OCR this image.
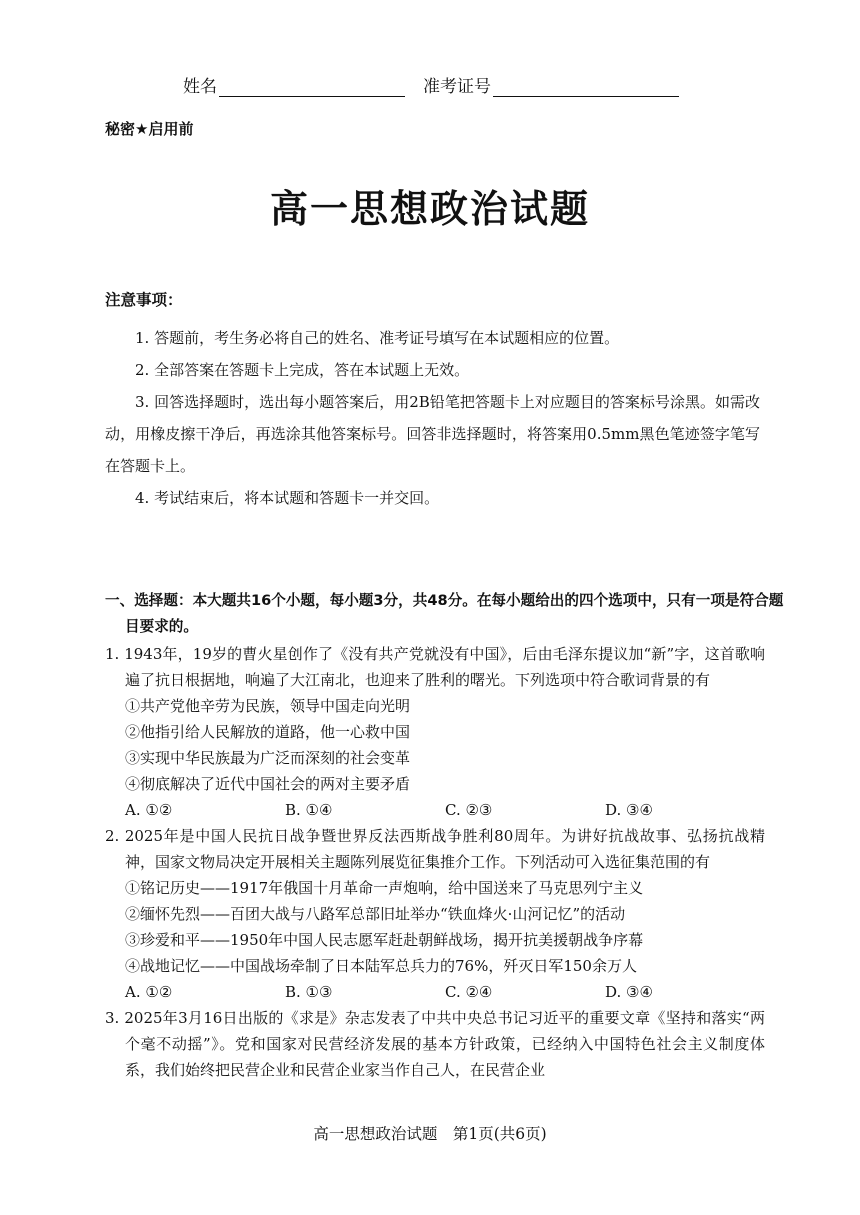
姓名	准考证号
秘密★启用前
高一思想政治试题
注意事项：
1. 答题前，考生务必将自己的姓名、准考证号填写在本试题相应的位置。
2. 全部答案在答题卡上完成，答在本试题上无效。
3. 回答选择题时，选出每小题答案后，用2B铅笔把答题卡上对应题目的答案标号涂黑。如需改动，用橡皮擦干净后，再选涂其他答案标号。回答非选择题时，将答案用0.5mm黑色笔迹签字笔写在答题卡上。
4. 考试结束后，将本试题和答题卡一并交回。
一、选择题：本大题共16个小题，每小题3分，共48分。在每小题给出的四个选项中，只有一项是符合题目要求的。
1. 1943年，19岁的曹火星创作了《没有共产党就没有中国》，后由毛泽东提议加“新”字，这首歌响遍了抗日根据地，响遍了大江南北，也迎来了胜利的曙光。下列选项中符合歌词背景的有
①共产党他辛劳为民族，领导中国走向光明
②他指引给人民解放的道路，他一心救中国
③实现中华民族最为广泛而深刻的社会变革
④彻底解决了近代中国社会的两对主要矛盾
A. ①②	B. ①④	C. ②③	D. ③④
2. 2025年是中国人民抗日战争暨世界反法西斯战争胜利80周年。为讲好抗战故事、弘扬抗战精神，国家文物局决定开展相关主题陈列展览征集推介工作。下列活动可入选征集范围的有
①铭记历史——1917年俄国十月革命一声炮响，给中国送来了马克思列宁主义
②缅怀先烈——百团大战与八路军总部旧址举办“铁血烽火·山河记忆”的活动
③珍爱和平——1950年中国人民志愿军赶赴朝鲜战场，揭开抗美援朝战争序幕
④战地记忆——中国战场牵制了日本陆军总兵力的76%，歼灭日军150余万人
A. ①②	B. ①③	C. ②④	D. ③④
3. 2025年3月16日出版的《求是》杂志发表了中共中央总书记习近平的重要文章《坚持和落实“两个毫不动摇”》。党和国家对民营经济发展的基本方针政策，已经纳入中国特色社会主义制度体系，我们始终把民营企业和民营企业家当作自己人，在民营企业
高一思想政治试题　第1页(共6页)
